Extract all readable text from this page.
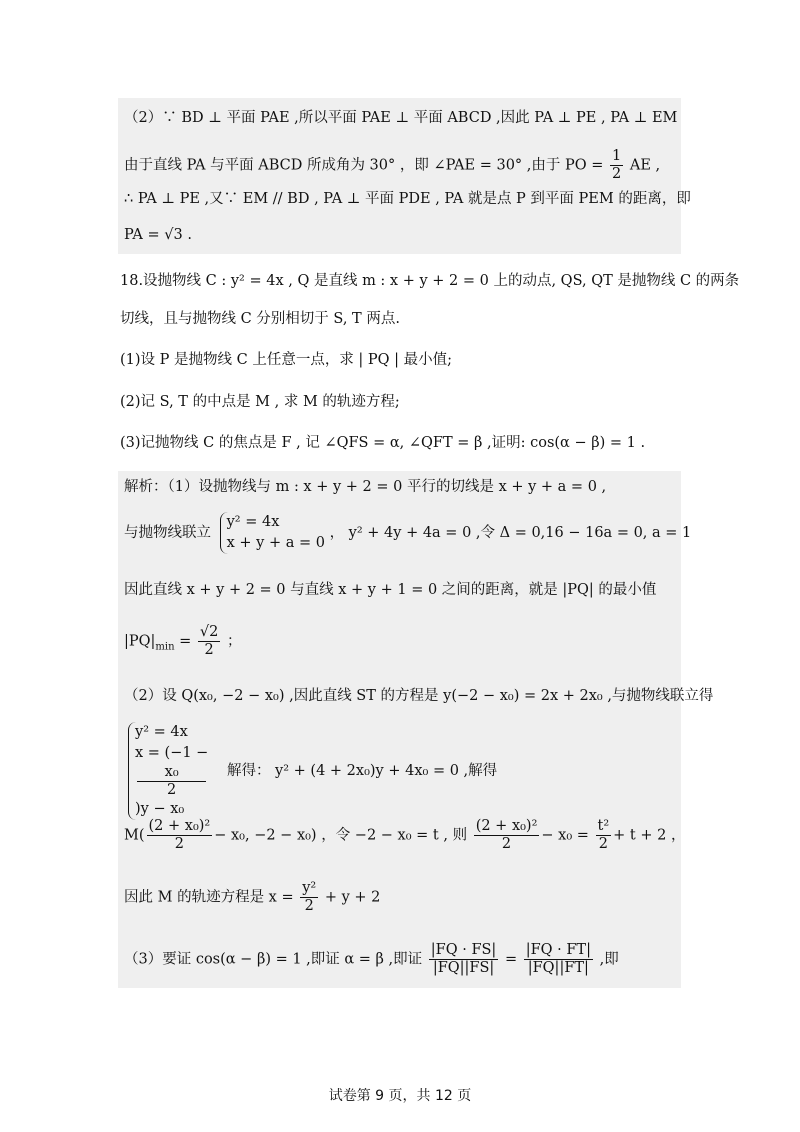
（2）∵ BD ⊥ 平面 PAE ,所以平面 PAE ⊥ 平面 ABCD ,因此 PA ⊥ PE , PA ⊥ EM
由于直线 PA 与平面 ABCD 所成角为 30° ，即 ∠PAE = 30° ,由于 PO = $\frac{1}{2}$ AE ,
∴ PA ⊥ PE ,又∵ EM // BD , PA ⊥ 平面 PDE , PA 就是点 P 到平面 PEM 的距离，即
PA = √3 .
18.设抛物线 C : y² = 4x , Q 是直线 m : x + y + 2 = 0 上的动点, QS, QT 是抛物线 C 的两条
切线，且与抛物线 C 分别相切于 S, T 两点.
(1)设 P 是抛物线 C 上任意一点，求 | PQ | 最小值;
(2)记 S, T 的中点是 M , 求 M 的轨迹方程;
(3)记抛物线 C 的焦点是 F , 记 ∠QFS = α, ∠QFT = β ,证明: cos(α − β) = 1 .
解析：（1）设抛物线与 m : x + y + 2 = 0 平行的切线是 x + y + a = 0 ,
与抛物线联立
y² = 4x
x + y + a = 0
， y² + 4y + 4a = 0 ,令 Δ = 0,16 − 16a = 0, a = 1
因此直线 x + y + 2 = 0 与直线 x + y + 1 = 0 之间的距离，就是 |PQ| 的最小值
$|PQ|_{min} = \frac{√2}{2}$ ；
（2）设 Q(x₀, −2 − x₀) ,因此直线 ST 的方程是 y(−2 − x₀) = 2x + 2x₀ ,与抛物线联立得
y² = 4x
x = (−1 −
x₀
2
)y − x₀
解得： y² + (4 + 2x₀)y + 4x₀ = 0 ,解得
$M( \frac{\text{(2 + x₀)²}}{2} - x_0$, −2 − x₀) ，令 −2 − x₀ = t , 则 $\frac{\text{(2 + x₀)²}}{2} - x_0 = \frac{\text{t²}}{2} + t + 2$ ，
因此 M 的轨迹方程是 $x = \frac{\text{y²}}{2} + y + 2$
（3）要证 cos(α − β) = 1 ,即证 α = β ,即证 $\frac{|FQ \cdot FS|}{|FQ||FS|} = \frac{|FQ \cdot FT|}{|FQ||FT|}$ ,即
试卷第 9 页，共 12 页
